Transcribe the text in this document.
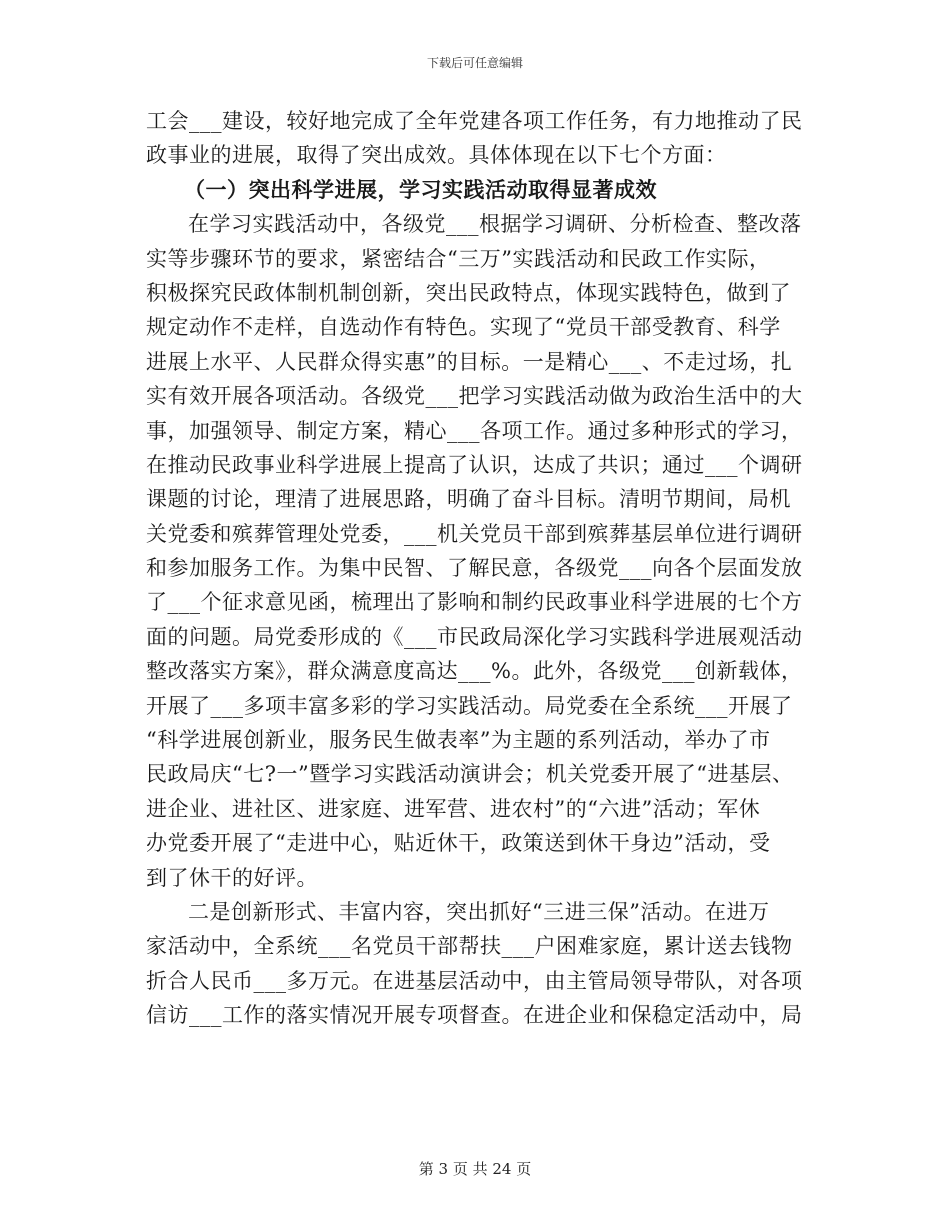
下载后可任意编辑
工会___建设，较好地完成了全年党建各项工作任务，有力地推动了民
政事业的进展，取得了突出成效。具体体现在以下七个方面：
（一）突出科学进展，学习实践活动取得显著成效
在学习实践活动中，各级党___根据学习调研、分析检查、整改落
实等步骤环节的要求，紧密结合“三万”实践活动和民政工作实际，
积极探究民政体制机制创新，突出民政特点，体现实践特色，做到了
规定动作不走样，自选动作有特色。实现了“党员干部受教育、科学
进展上水平、人民群众得实惠”的目标。一是精心___、不走过场，扎
实有效开展各项活动。各级党___把学习实践活动做为政治生活中的大
事，加强领导、制定方案，精心___各项工作。通过多种形式的学习，
在推动民政事业科学进展上提高了认识，达成了共识；通过___个调研
课题的讨论，理清了进展思路，明确了奋斗目标。清明节期间，局机
关党委和殡葬管理处党委，___机关党员干部到殡葬基层单位进行调研
和参加服务工作。为集中民智、了解民意，各级党___向各个层面发放
了___个征求意见函，梳理出了影响和制约民政事业科学进展的七个方
面的问题。局党委形成的《___市民政局深化学习实践科学进展观活动
整改落实方案》，群众满意度高达___%。此外，各级党___创新载体，
开展了___多项丰富多彩的学习实践活动。局党委在全系统___开展了
“科学进展创新业，服务民生做表率”为主题的系列活动，举办了市
民政局庆“七?一”暨学习实践活动演讲会；机关党委开展了“进基层、
进企业、进社区、进家庭、进军营、进农村”的“六进”活动；军休
办党委开展了“走进中心，贴近休干，政策送到休干身边”活动，受
到了休干的好评。
二是创新形式、丰富内容，突出抓好“三进三保”活动。在进万
家活动中，全系统___名党员干部帮扶___户困难家庭，累计送去钱物
折合人民币___多万元。在进基层活动中，由主管局领导带队，对各项
信访___工作的落实情况开展专项督查。在进企业和保稳定活动中，局
第 3 页 共 24 页
